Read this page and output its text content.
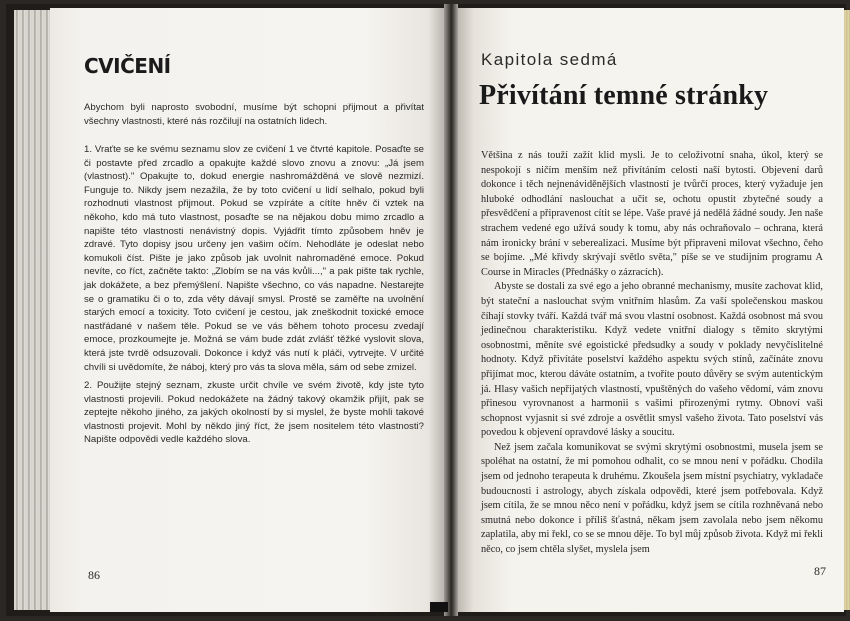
CVIČENÍ

Abychom byli naprosto svobodní, musíme být schopni přijmout a přivítat všechny vlastnosti, které nás rozčilují na ostatních lidech.

1. Vraťte se ke svému seznamu slov ze cvičení 1 ve čtvrté kapitole. Posaďte se či postavte před zrcadlo a opakujte každé slovo znovu a znovu: „Já jsem (vlastnost)." Opakujte to, dokud energie nashromážděná ve slově nezmizí. Funguje to. Nikdy jsem nezažila, že by toto cvičení u lidí selhalo, pokud byli rozhodnuti vlastnost přijmout. Pokud se vzpíráte a cítíte hněv či vztek na někoho, kdo má tuto vlastnost, posaďte se na nějakou dobu mimo zrcadlo a napište této vlastnosti nenávistný dopis. Vyjádřit tímto způsobem hněv je zdravé. Tyto dopisy jsou určeny jen vašim očím. Nehodláte je odeslat nebo komukoli číst. Pište je jako způsob jak uvolnit nahromaděné emoce. Pokud nevíte, co říct, začněte takto: „Zlobím se na vás kvůli...," a pak pište tak rychle, jak dokážete, a bez přemýšlení. Napište všechno, co vás napadne. Nestarejte se o gramatiku či o to, zda věty dávají smysl. Prostě se zaměřte na uvolnění starých emocí a toxicity. Toto cvičení je cestou, jak zneškodnit toxické emoce nastřádané v našem těle. Pokud se ve vás během tohoto procesu zvedají emoce, prozkoumejte je. Možná se vám bude zdát zvlášť těžké vyslovit slova, která jste tvrdě odsuzovali. Dokonce i když vás nutí k pláči, vytrvejte. V určité chvíli si uvědomíte, že náboj, který pro vás ta slova měla, sám od sebe zmizel.

2. Použijte stejný seznam, zkuste určit chvíle ve svém životě, kdy jste tyto vlastnosti projevili. Pokud nedokážete na žádný takový okamžik přijít, pak se zeptejte někoho jiného, za jakých okolností by si myslel, že byste mohli takové vlastnosti projevit. Mohl by někdo jiný říct, že jsem nositelem této vlastnosti? Napište odpovědi vedle každého slova.

86
Kapitola sedmá
Přivítání temné stránky

Většina z nás touží zažít klid mysli. Je to celoživotní snaha, úkol, který se nespokojí s ničím menším než přivítáním celosti naší bytosti. Objevení darů dokonce i těch nejnenáviděnějších vlastností je tvůrčí proces, který vyžaduje jen hluboké odhodlání naslouchat a učit se, ochotu opustit zbytečné soudy a přesvědčení a připravenost cítit se lépe. Vaše pravé já nedělá žádné soudy. Jen naše strachem vedené ego užívá soudy k tomu, aby nás ochraňovalo – ochrana, která nám ironicky brání v seberealizaci. Musíme být připraveni milovat všechno, čeho se bojíme. „Mé křivdy skrývají světlo světa," píše se ve studijním programu A Course in Miracles (Přednášky o zázracích).

Abyste se dostali za své ego a jeho obranné mechanismy, musíte zachovat klid, být stateční a naslouchat svým vnitřním hlasům. Za vaší společenskou maskou číhají stovky tváří. Každá tvář má svou vlastní osobnost. Každá osobnost má svou jedinečnou charakteristiku. Když vedete vnitřní dialogy s těmito skrytými osobnostmi, měníte své egoistické předsudky a soudy v poklady nevyčíslitelné hodnoty. Když přivítáte poselství každého aspektu svých stínů, začínáte znovu přijímat moc, kterou dáváte ostatním, a tvoříte pouto důvěry se svým autentickým já. Hlasy vašich nepřijatých vlastností, vpuštěných do vašeho vědomí, vám znovu přinesou vyrovnanost a harmonii s vašimi přirozenými rytmy. Obnoví vaši schopnost vyjasnit si své zdroje a osvětlit smysl vašeho života. Tato poselství vás povedou k objevení opravdové lásky a soucitu.

Než jsem začala komunikovat se svými skrytými osobnostmi, musela jsem se spoléhat na ostatní, že mi pomohou odhalit, co se mnou není v pořádku. Chodila jsem od jednoho terapeuta k druhému. Zkoušela jsem místní psychiatry, vykladače budoucnosti i astrology, abych získala odpovědi, které jsem potřebovala. Když jsem cítila, že se mnou něco není v pořádku, když jsem se cítila rozhněvaná nebo smutná nebo dokonce i příliš šťastná, někam jsem zavolala nebo jsem někomu zaplatila, aby mi řekl, co se se mnou děje. To byl můj způsob života. Když mi řekli něco, co jsem chtěla slyšet, myslela jsem

87
